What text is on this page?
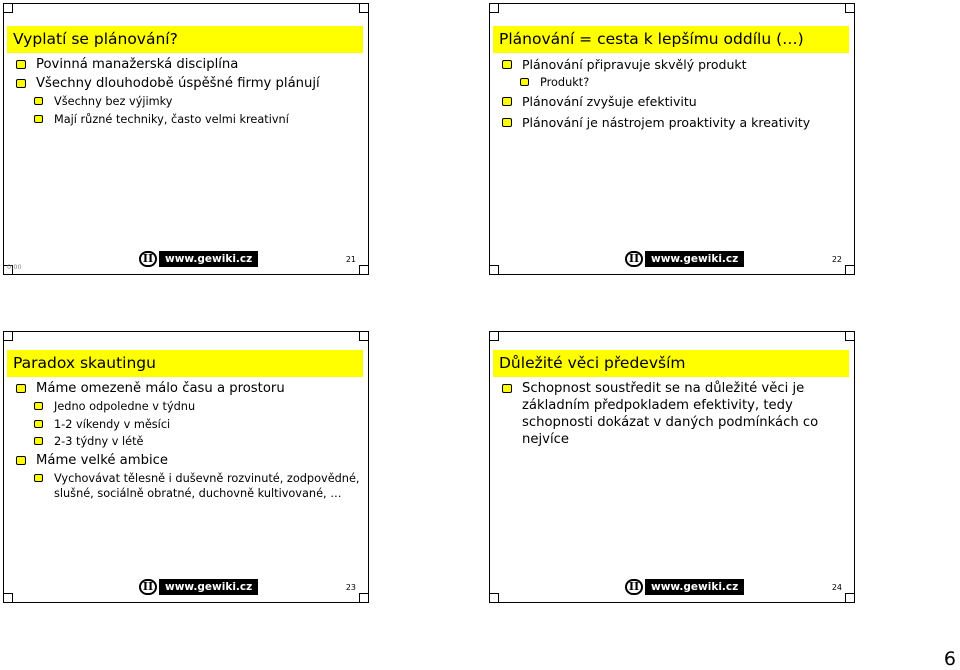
Vyplatí se plánování?
Povinná manažerská disciplína
Všechny dlouhodobě úspěšné firmy plánují
Všechny bez výjimky
Mají různé techniky, často velmi kreativní
0:00
II	www.gewiki.cz	21
Plánování = cesta k lepšímu oddílu (…)
Plánování připravuje skvělý produkt
Produkt?
Plánování zvyšuje efektivitu
Plánování je nástrojem proaktivity a kreativity
II	www.gewiki.cz	22
Paradox skautingu
Máme omezeně málo času a prostoru
Jedno odpoledne v týdnu
1-2 víkendy v měsíci
2-3 týdny v létě
Máme velké ambice
Vychovávat tělesně i duševně rozvinuté, zodpovědné, slušné, sociálně obratné, duchovně kultivované, …
II	www.gewiki.cz	23
Důležité věci především
Schopnost soustředit se na důležité věci je základním předpokladem efektivity, tedy schopnosti dokázat v daných podmínkách co nejvíce
II	www.gewiki.cz	24
6
